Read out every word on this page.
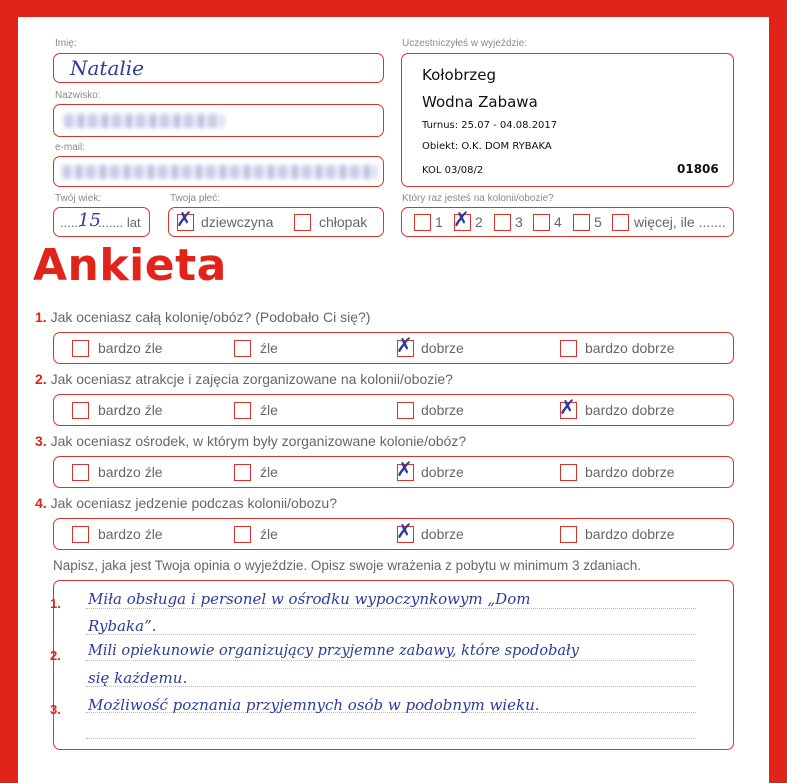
Imię:
Natalie
Nazwisko:
e-mail:
Twój wiek:
......
15
....... lat
Twoja płeć:
✗ dziewczyna	chłopak
Uczestniczyłeś w wyjeździe:
Kołobrzeg
Wodna Zabawa
Turnus: 25.07 - 04.08.2017
Obiekt: O.K. DOM RYBAKA
KOL 03/08/2	01806
Który raz jesteś na kolonii/obozie?
1 ✗ 2 3 4 5 więcej, ile .......
Ankieta
1. Jak oceniasz całą kolonię/obóz? (Podobało Ci się?)
bardzo źle	źle	✗ dobrze	bardzo dobrze
2. Jak oceniasz atrakcje i zajęcia zorganizowane na kolonii/obozie?
bardzo źle	źle	dobrze	✗ bardzo dobrze
3. Jak oceniasz ośrodek, w którym były zorganizowane kolonie/obóz?
bardzo źle	źle	✗ dobrze	bardzo dobrze
4. Jak oceniasz jedzenie podczas kolonii/obozu?
bardzo źle	źle	✗ dobrze	bardzo dobrze
Napisz, jaka jest Twoja opinia o wyjeździe. Opisz swoje wrażenia z pobytu w minimum 3 zdaniach.
1.
2.
3.
Miła obsługa i personel w ośrodku wypoczynkowym „Dom
Rybaka”.
Mili opiekunowie organizujący przyjemne zabawy, które spodobały
się każdemu.
Możliwość poznania przyjemnych osób w podobnym wieku.
